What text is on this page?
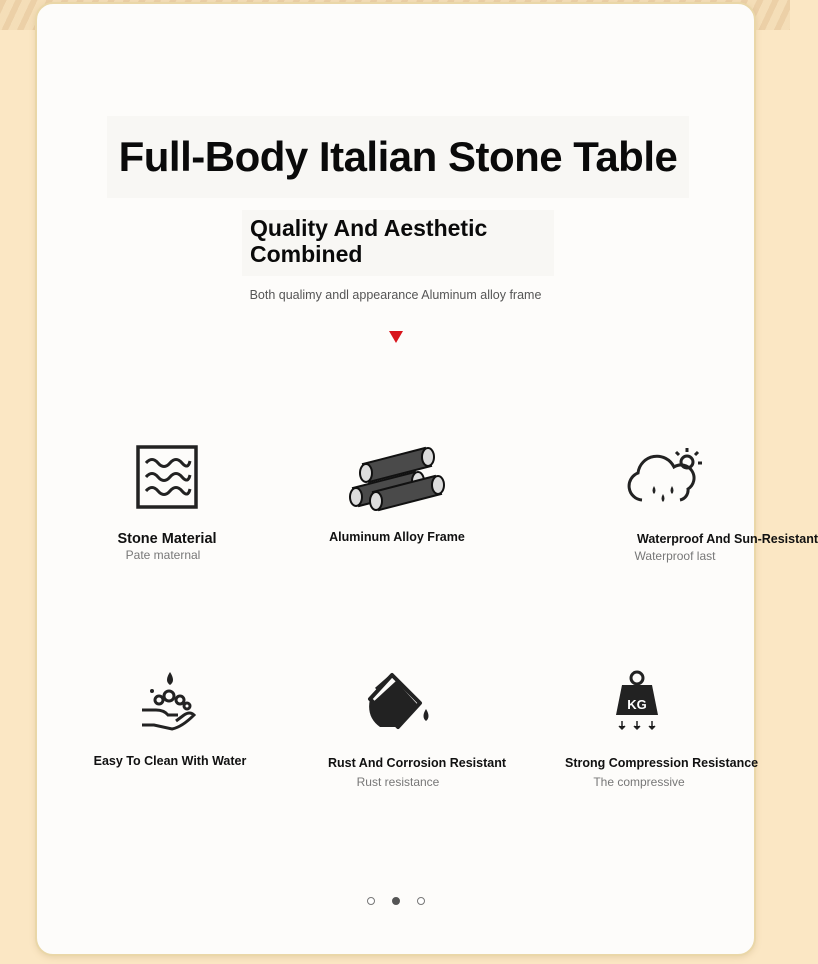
Full-Body Italian Stone Table
Quality And Aesthetic Combined

Both qualimy andl appearance Aluminum alloy frame

Stone Material
Pate maternal
Aluminum Alloy Frame	Waterproof And Sun-Resistant
Waterproof last
Easy To Clean With Water	Rust And Corrosion Resistant
Rust resistance
KG
Strong Compression Resistance
The compressive
